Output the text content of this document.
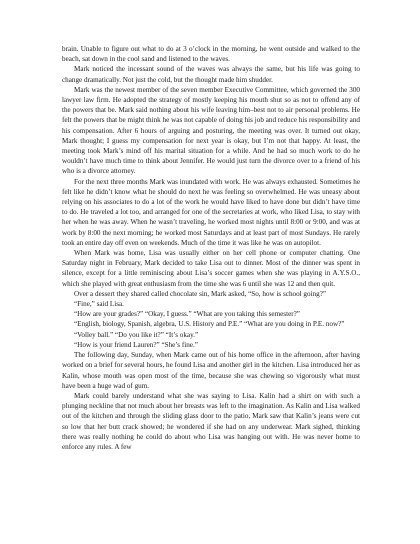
brain. Unable to figure out what to do at 3 o’clock in the morning, he went outside and walked to the beach, sat down in the cool sand and listened to the waves.

Mark noticed the incessant sound of the waves was always the same, but his life was going to change dramatically. Not just the cold, but the thought made him shudder.

Mark was the newest member of the seven member Executive Committee, which governed the 300 lawyer law firm. He adopted the strategy of mostly keeping his mouth shut so as not to offend any of the powers that be. Mark said nothing about his wife leaving him–best not to air personal problems. He felt the powers that be might think he was not capable of doing his job and reduce his responsibility and his compensation. After 6 hours of arguing and posturing, the meeting was over. It turned out okay, Mark thought; I guess my compensation for next year is okay, but I’m not that happy. At least, the meeting took Mark’s mind off his marital situation for a while. And he had so much work to do he wouldn’t have much time to think about Jennifer. He would just turn the divorce over to a friend of his who is a divorce attorney.

For the next three months Mark was inundated with work. He was always exhausted. Sometimes he felt like he didn’t know what he should do next he was feeling so overwhelmed. He was uneasy about relying on his associates to do a lot of the work he would have liked to have done but didn’t have time to do. He traveled a lot too, and arranged for one of the secretaries at work, who liked Lisa, to stay with her when he was away. When he wasn’t traveling, he worked most nights until 8:00 or 9:00, and was at work by 8:00 the next morning; he worked most Saturdays and at least part of most Sundays. He rarely took an entire day off even on weekends. Much of the time it was like he was on autopilot.

When Mark was home, Lisa was usually either on her cell phone or computer chatting. One Saturday night in February, Mark decided to take Lisa out to dinner. Most of the dinner was spent in silence, except for a little reminiscing about Lisa’s soccer games when she was playing in A.Y.S.O., which she played with great enthusiasm from the time she was 6 until she was 12 and then quit.

Over a dessert they shared called chocolate sin, Mark asked, “So, how is school going?”

“Fine,” said Lisa.

“How are your grades?” “Okay, I guess.” “What are you taking this semester?”

“English, biology, Spanish, algebra, U.S. History and P.E.” “What are you doing in P.E. now?”

“Volley ball.” “Do you like it?” “It’s okay.”

“How is your friend Lauren?” “She’s fine.”

The following day, Sunday, when Mark came out of his home office in the afternoon, after having worked on a brief for several hours, he found Lisa and another girl in the kitchen. Lisa introduced her as Kalin, whose mouth was open most of the time, because she was chewing so vigorously what must have been a huge wad of gum.

Mark could barely understand what she was saying to Lisa. Kalin had a shirt on with such a plunging neckline that not much about her breasts was left to the imagination. As Kalin and Lisa walked out of the kitchen and through the sliding glass door to the patio, Mark saw that Kalin’s jeans were cut so low that her butt crack showed; he wondered if she had on any underwear. Mark sighed, thinking there was really nothing he could do about who Lisa was hanging out with. He was never home to enforce any rules. A few
